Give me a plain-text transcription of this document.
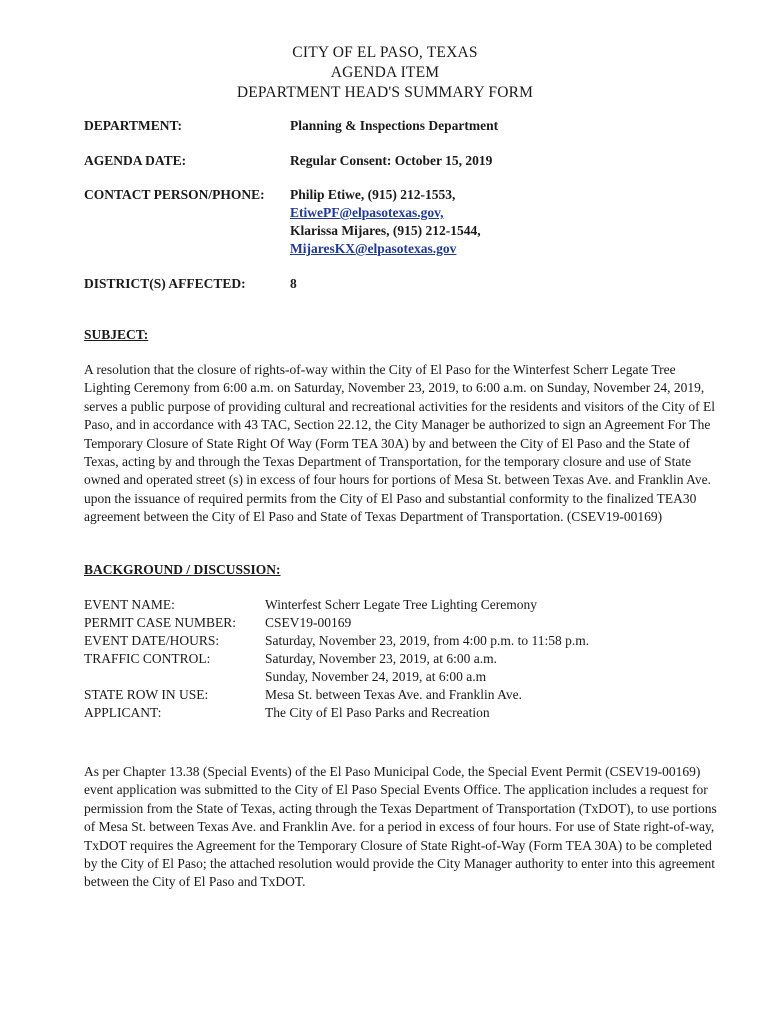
CITY OF EL PASO, TEXAS
AGENDA ITEM
DEPARTMENT HEAD'S SUMMARY FORM
DEPARTMENT:	Planning & Inspections Department
AGENDA DATE:	Regular Consent: October 15, 2019
CONTACT PERSON/PHONE: Philip Etiwe, (915) 212-1553,
EtiwePF@elpasotexas.gov,
Klarissa Mijares, (915) 212-1544,
MijaresKX@elpasotexas.gov
DISTRICT(S) AFFECTED:	8
SUBJECT:

A resolution that the closure of rights-of-way within the City of El Paso for the Winterfest Scherr Legate Tree Lighting Ceremony from 6:00 a.m. on Saturday, November 23, 2019, to 6:00 a.m. on Sunday, November 24, 2019, serves a public purpose of providing cultural and recreational activities for the residents and visitors of the City of El Paso, and in accordance with 43 TAC, Section 22.12, the City Manager be authorized to sign an Agreement For The Temporary Closure of State Right Of Way (Form TEA 30A) by and between the City of El Paso and the State of Texas, acting by and through the Texas Department of Transportation, for the temporary closure and use of State owned and operated street (s) in excess of four hours for portions of Mesa St. between Texas Ave. and Franklin Ave. upon the issuance of required permits from the City of El Paso and substantial conformity to the finalized TEA30 agreement between the City of El Paso and State of Texas Department of Transportation. (CSEV19-00169)

BACKGROUND / DISCUSSION:
EVENT NAME:	Winterfest Scherr Legate Tree Lighting Ceremony
PERMIT CASE NUMBER: CSEV19-00169
EVENT DATE/HOURS:	Saturday, November 23, 2019, from 4:00 p.m. to 11:58 p.m.
TRAFFIC CONTROL:	Saturday, November 23, 2019, at 6:00 a.m.
Sunday, November 24, 2019, at 6:00 a.m
STATE ROW IN USE:	Mesa St. between Texas Ave. and Franklin Ave.
APPLICANT:	The City of El Paso Parks and Recreation

As per Chapter 13.38 (Special Events) of the El Paso Municipal Code, the Special Event Permit (CSEV19-00169) event application was submitted to the City of El Paso Special Events Office. The application includes a request for permission from the State of Texas, acting through the Texas Department of Transportation (TxDOT), to use portions of Mesa St. between Texas Ave. and Franklin Ave. for a period in excess of four hours. For use of State right-of-way, TxDOT requires the Agreement for the Temporary Closure of State Right-of-Way (Form TEA 30A) to be completed by the City of El Paso; the attached resolution would provide the City Manager authority to enter into this agreement between the City of El Paso and TxDOT.
